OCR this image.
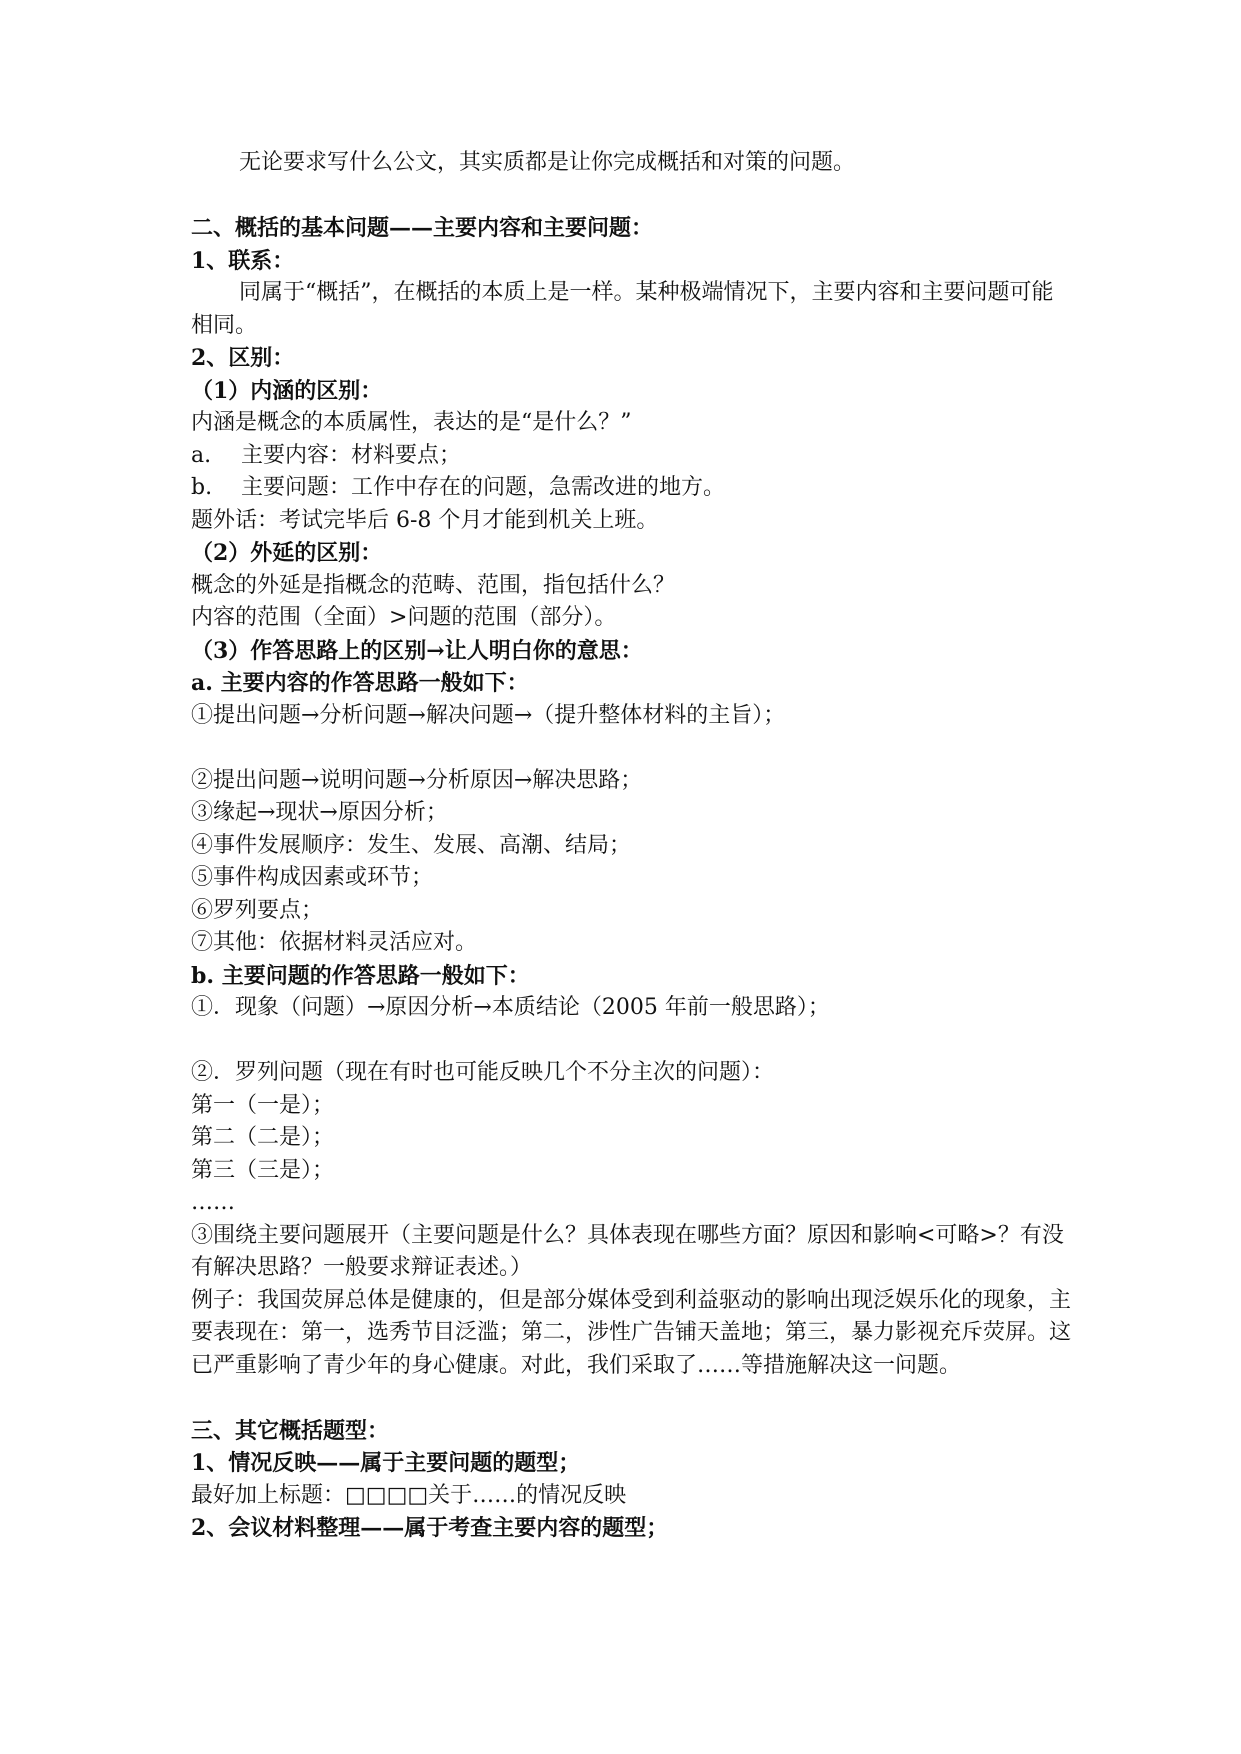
无论要求写什么公文，其实质都是让你完成概括和对策的问题。
二、概括的基本问题——主要内容和主要问题：
1、联系：
同属于“概括”，在概括的本质上是一样。某种极端情况下，主要内容和主要问题可能相同。
2、区别：
（1）内涵的区别：
内涵是概念的本质属性，表达的是“是什么？”
a. 主要内容：材料要点；
b. 主要问题：工作中存在的问题，急需改进的地方。
题外话：考试完毕后 6-8 个月才能到机关上班。
（2）外延的区别：
概念的外延是指概念的范畴、范围，指包括什么？
内容的范围（全面）>问题的范围（部分）。
（3）作答思路上的区别→让人明白你的意思：
a. 主要内容的作答思路一般如下：
①提出问题→分析问题→解决问题→（提升整体材料的主旨）；
②提出问题→说明问题→分析原因→解决思路；
③缘起→现状→原因分析；
④事件发展顺序：发生、发展、高潮、结局；
⑤事件构成因素或环节；
⑥罗列要点；
⑦其他：依据材料灵活应对。
b. 主要问题的作答思路一般如下：
①．现象（问题）→原因分析→本质结论（2005 年前一般思路）；
②．罗列问题（现在有时也可能反映几个不分主次的问题）：
第一（一是）；
第二（二是）；
第三（三是）；
……
③围绕主要问题展开（主要问题是什么？具体表现在哪些方面？原因和影响<可略>？有没有解决思路？一般要求辩证表述。）
例子：我国荧屏总体是健康的，但是部分媒体受到利益驱动的影响出现泛娱乐化的现象，主要表现在：第一，选秀节目泛滥；第二，涉性广告铺天盖地；第三，暴力影视充斥荧屏。这已严重影响了青少年的身心健康。对此，我们采取了……等措施解决这一问题。
三、其它概括题型：
1、情况反映——属于主要问题的题型；
最好加上标题：□□□□关于……的情况反映
2、会议材料整理——属于考查主要内容的题型；
